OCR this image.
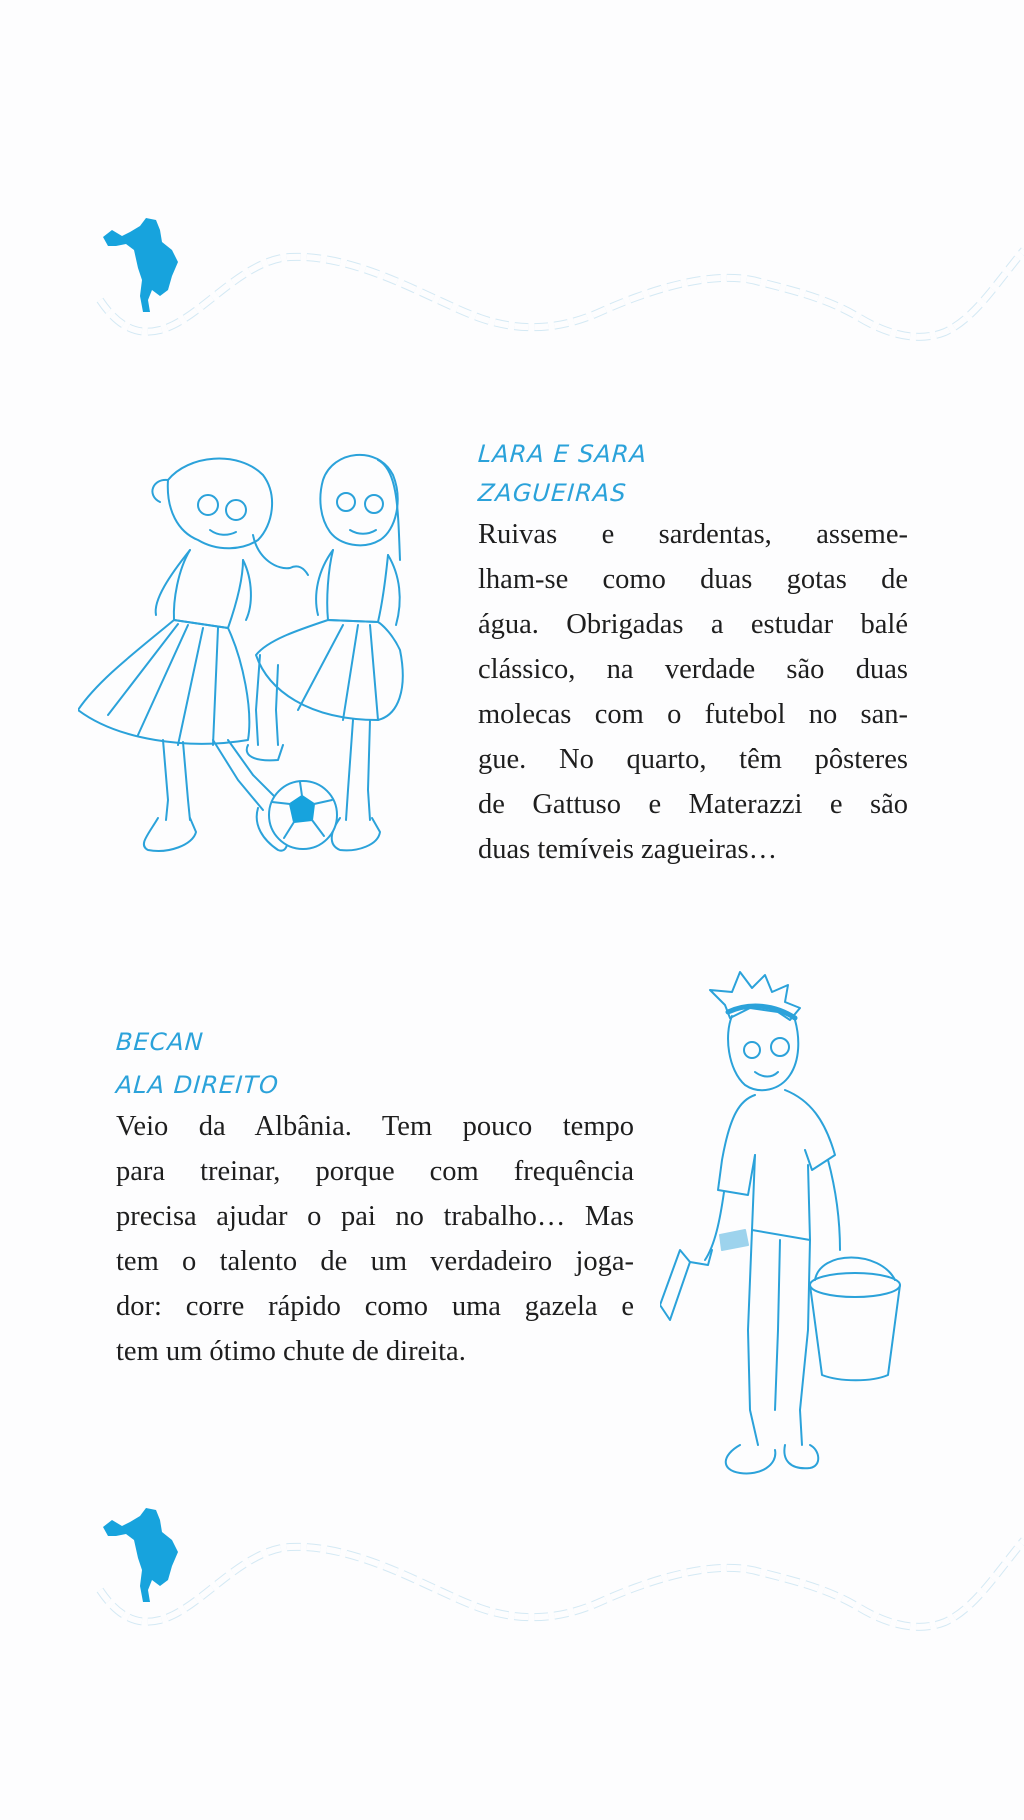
LARA E SARA
ZAGUEIRAS
Ruivas e sardentas, asseme-
lham-se como duas gotas de
água. Obrigadas a estudar balé
clássico, na verdade são duas
molecas com o futebol no san-
gue. No quarto, têm pôsteres
de Gattuso e Materazzi e são
duas temíveis zagueiras…
BECAN
ALA DIREITO
Veio da Albânia. Tem pouco tempo
para treinar, porque com frequência
precisa ajudar o pai no trabalho… Mas
tem o talento de um verdadeiro joga-
dor: corre rápido como uma gazela e
tem um ótimo chute de direita.
